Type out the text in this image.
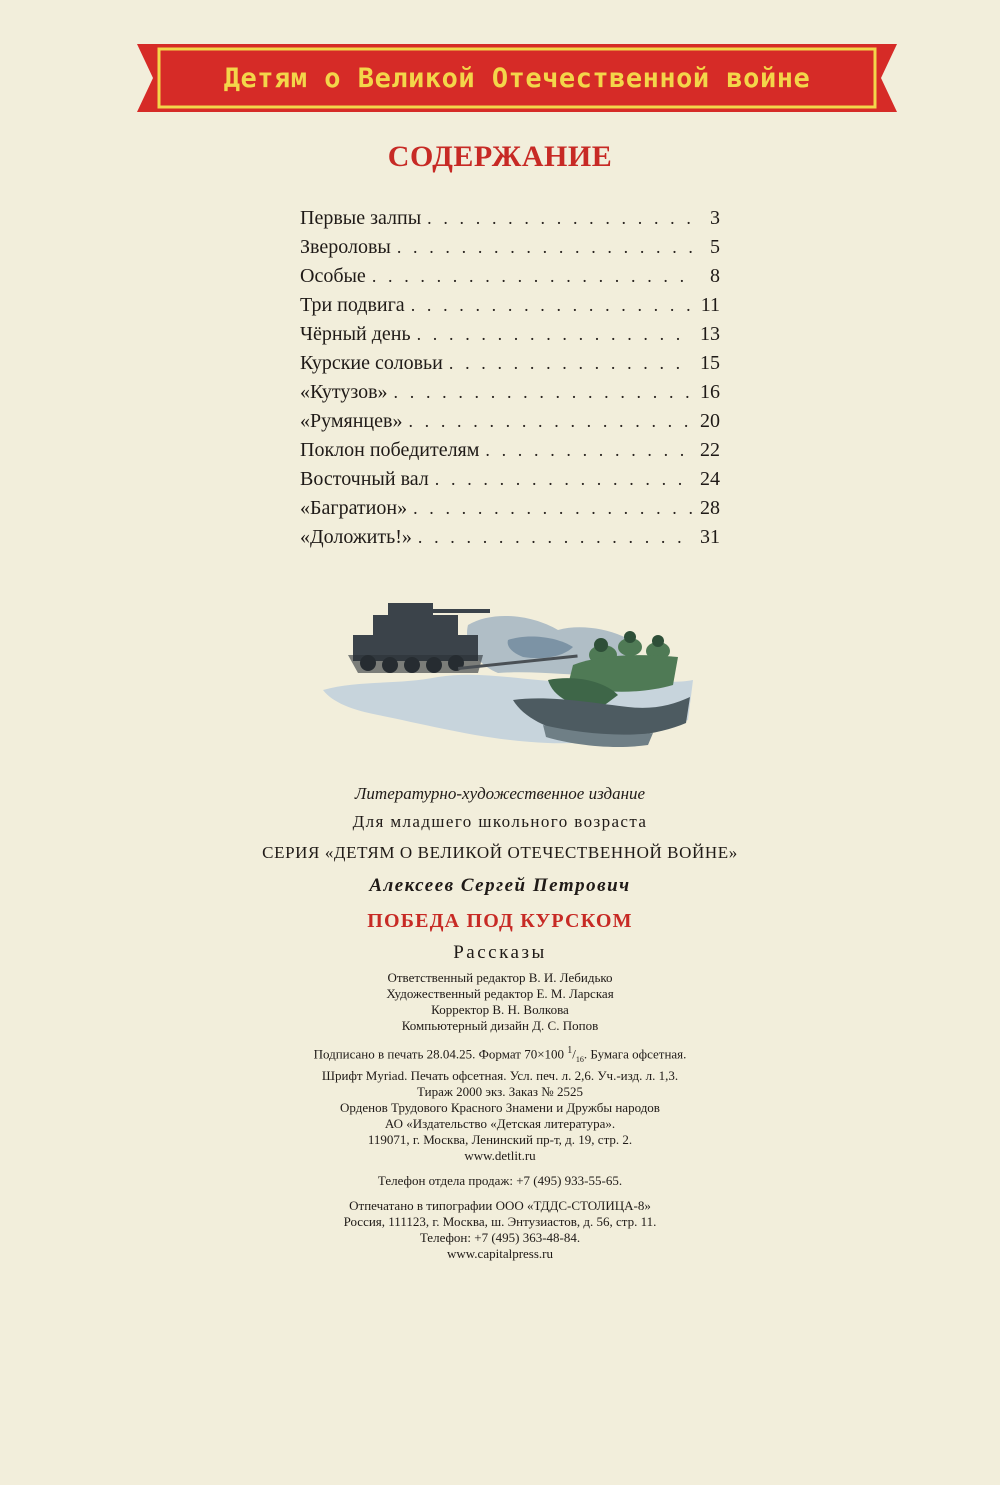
Детям о Великой Отечественной войне
СОДЕРЖАНИЕ
Первые залпы . . .	3
Звероловы . . .	5
Особые . . .	8
Три подвига . . .	11
Чёрный день . . .	13
Курские соловьи . . .	15
«Кутузов» . . .	16
«Румянцев» . . .	20
Поклон победителям . . .	22
Восточный вал . . .	24
«Багратион» . . .	28
«Доложить!» . . .	31
Литературно-художественное издание
Для младшего школьного возраста
СЕРИЯ «ДЕТЯМ О ВЕЛИКОЙ ОТЕЧЕСТВЕННОЙ ВОЙНЕ»
Алексеев Сергей Петрович
ПОБЕДА ПОД КУРСКОМ
Рассказы
Ответственный редактор В. И. Лебидько
Художественный редактор Е. М. Ларская
Корректор В. Н. Волкова
Компьютерный дизайн Д. С. Попов
Подписано в печать 28.04.25. Формат 70×100 $^1/_{16}$. Бумага офсетная.
Шрифт Myriad. Печать офсетная. Усл. печ. л. 2,6. Уч.-изд. л. 1,3.
Тираж 2000 экз. Заказ № 2525
Орденов Трудового Красного Знамени и Дружбы народов
АО «Издательство «Детская литература».
119071, г. Москва, Ленинский пр-т, д. 19, стр. 2.
www.detlit.ru
Телефон отдела продаж: +7 (495) 933-55-65.
Отпечатано в типографии ООО «ТДДС-СТОЛИЦА-8»
Россия, 111123, г. Москва, ш. Энтузиастов, д. 56, стр. 11.
Телефон: +7 (495) 363-48-84.
www.capitalpress.ru
